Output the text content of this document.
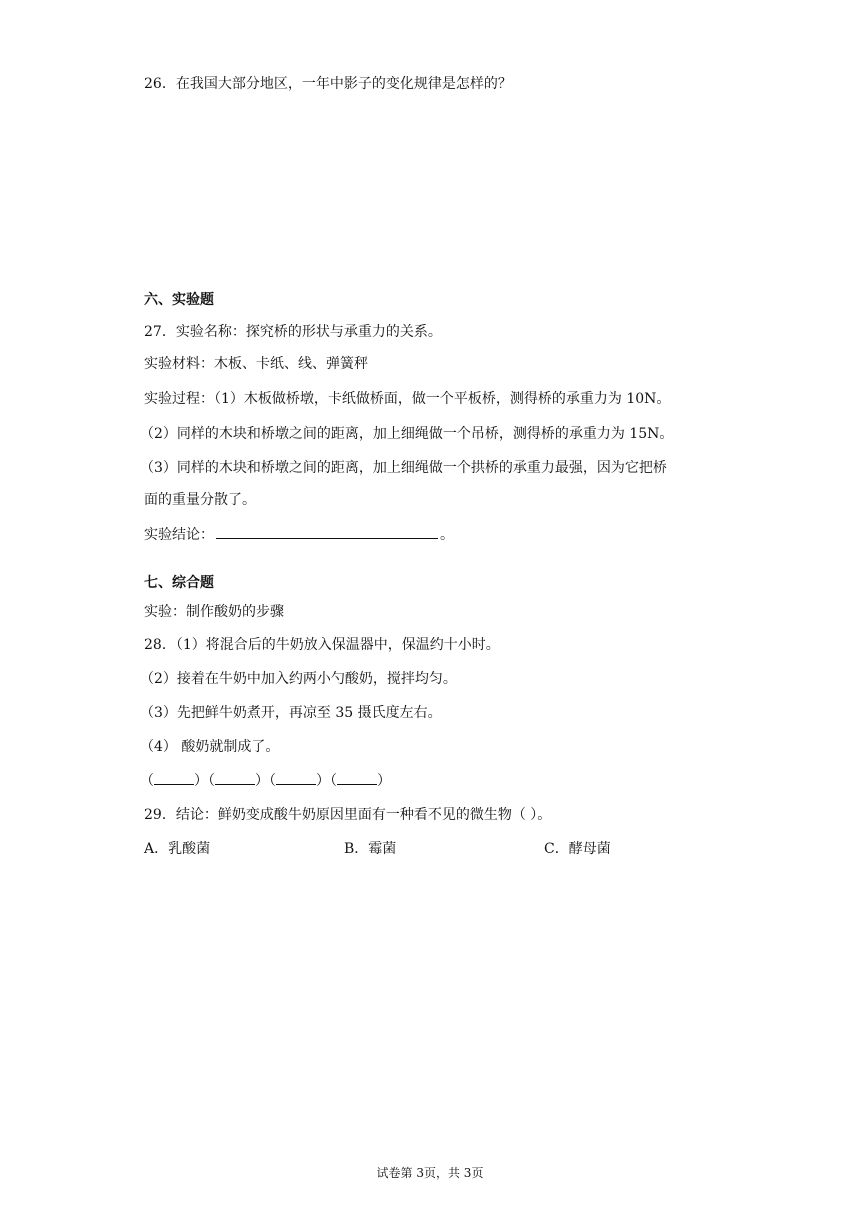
26．在我国大部分地区，一年中影子的变化规律是怎样的？
六、实验题
27．实验名称：探究桥的形状与承重力的关系。
实验材料：木板、卡纸、线、弹簧秤
实验过程：（1）木板做桥墩，卡纸做桥面，做一个平板桥，测得桥的承重力为 10N。
（2）同样的木块和桥墩之间的距离，加上细绳做一个吊桥，测得桥的承重力为 15N。
（3）同样的木块和桥墩之间的距离，加上细绳做一个拱桥的承重力最强，因为它把桥
面的重量分散了。
实验结论：	。
七、综合题
实验：制作酸奶的步骤
28．（1）将混合后的牛奶放入保温器中，保温约十小时。
（2）接着在牛奶中加入约两小勺酸奶，搅拌均匀。
（3）先把鲜牛奶煮开，再凉至 35 摄氏度左右。
（4） 酸奶就制成了。
（	）（	）（	）（	）
29．结论：鲜奶变成酸牛奶原因里面有一种看不见的微生物（ ）。
A．乳酸菌	B．霉菌	C．酵母菌
试卷第 3页，共 3页
